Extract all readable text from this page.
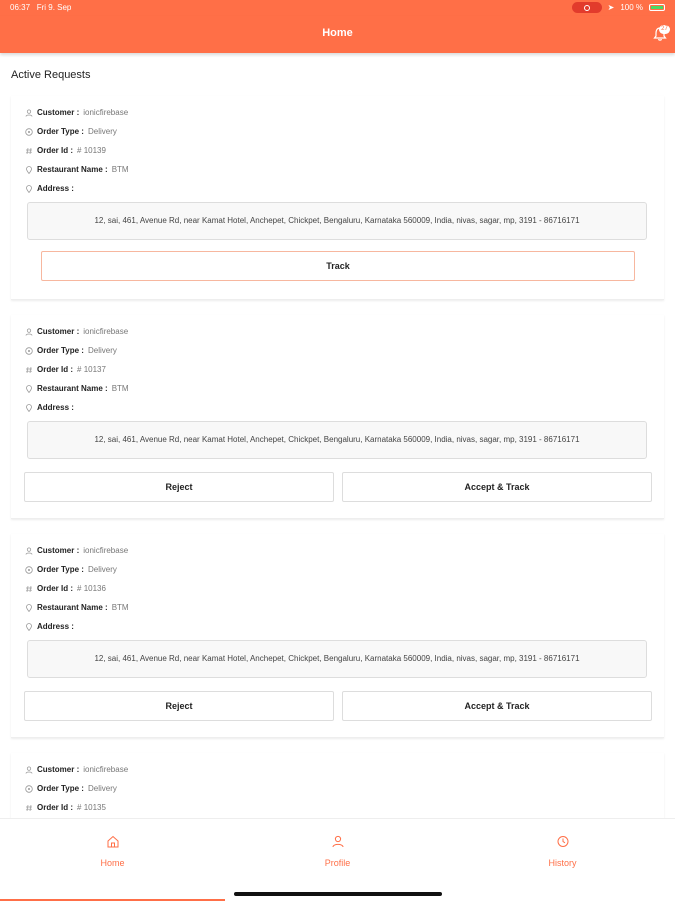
06:37 Fri 9. Sep	➤ 100 %
Home	27
Active Requests
Customer : ionicfirebase
Order Type : Delivery
Order Id : # 10139
Restaurant Name : BTM
Address :
12, sai, 461, Avenue Rd, near Kamat Hotel, Anchepet, Chickpet, Bengaluru, Karnataka 560009, India, nivas, sagar, mp, 3191 - 86716171
Track
Customer : ionicfirebase
Order Type : Delivery
Order Id : # 10137
Restaurant Name : BTM
Address :
12, sai, 461, Avenue Rd, near Kamat Hotel, Anchepet, Chickpet, Bengaluru, Karnataka 560009, India, nivas, sagar, mp, 3191 - 86716171
Reject	Accept & Track
Customer : ionicfirebase
Order Type : Delivery
Order Id : # 10136
Restaurant Name : BTM
Address :
12, sai, 461, Avenue Rd, near Kamat Hotel, Anchepet, Chickpet, Bengaluru, Karnataka 560009, India, nivas, sagar, mp, 3191 - 86716171
Reject	Accept & Track
Customer : ionicfirebase
Order Type : Delivery
Order Id : # 10135
Home	Profile	History
